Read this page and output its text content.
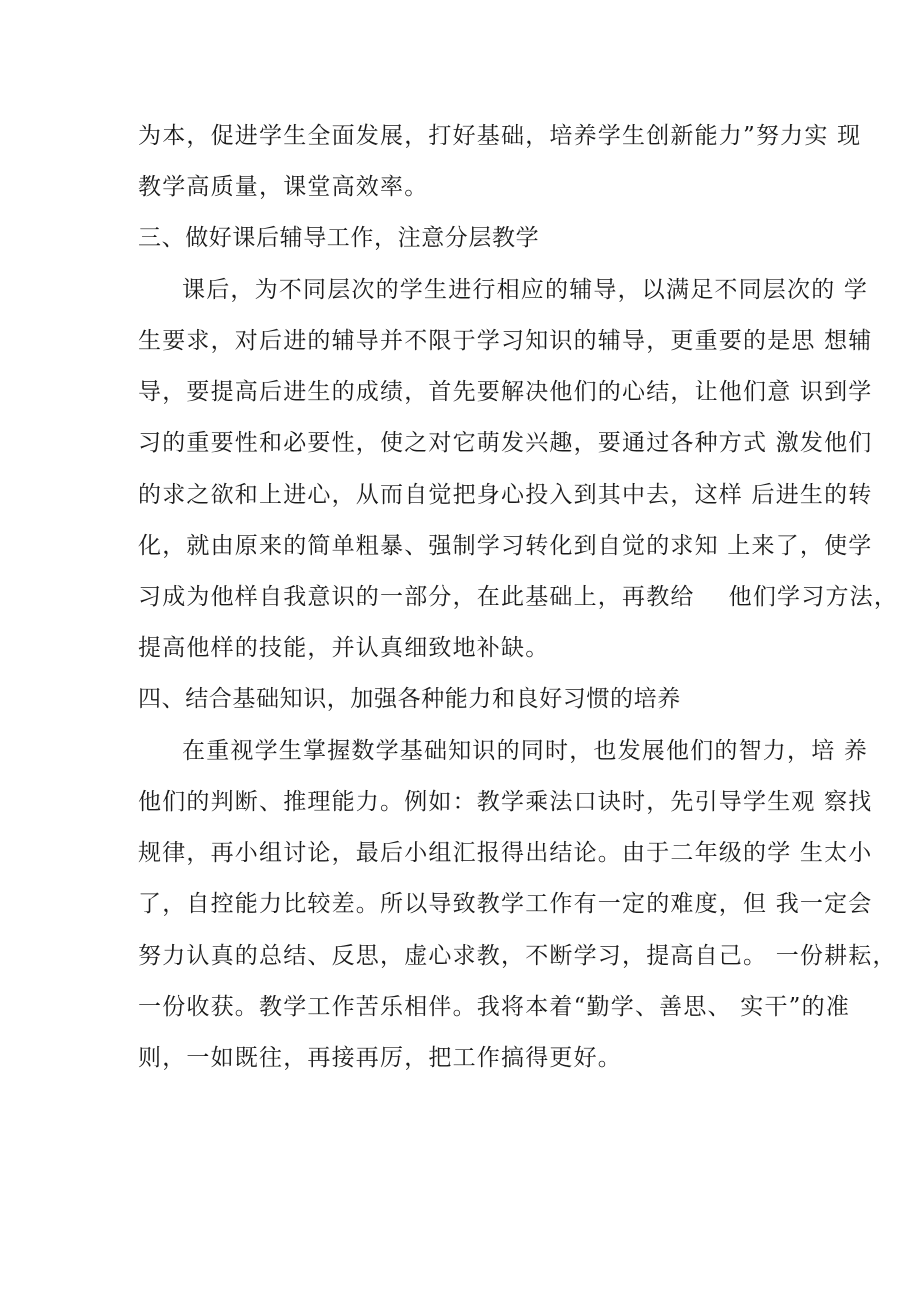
为本，促进学生全面发展，打好基础，培养学生创新能力”努力实 现
教学高质量，课堂高效率。
三、做好课后辅导工作，注意分层教学
课后，为不同层次的学生进行相应的辅导，以满足不同层次的 学
生要求，对后进的辅导并不限于学习知识的辅导，更重要的是思 想辅
导，要提高后进生的成绩，首先要解决他们的心结，让他们意 识到学
习的重要性和必要性，使之对它萌发兴趣，要通过各种方式 激发他们
的求之欲和上进心，从而自觉把身心投入到其中去，这样 后进生的转
化，就由原来的简单粗暴、强制学习转化到自觉的求知 上来了，使学
习成为他样自我意识的一部分，在此基础上，再教给    他们学习方法，
提高他样的技能，并认真细致地补缺。
四、结合基础知识，加强各种能力和良好习惯的培养
在重视学生掌握数学基础知识的同时，也发展他们的智力，培 养
他们的判断、推理能力。例如：教学乘法口诀时，先引导学生观 察找
规律，再小组讨论，最后小组汇报得出结论。由于二年级的学 生太小
了，自控能力比较差。所以导致教学工作有一定的难度，但 我一定会
努力认真的总结、反思，虚心求教，不断学习，提高自己。 一份耕耘，
一份收获。教学工作苦乐相伴。我将本着“勤学、善思、 实干”的准
则，一如既往，再接再厉，把工作搞得更好。
